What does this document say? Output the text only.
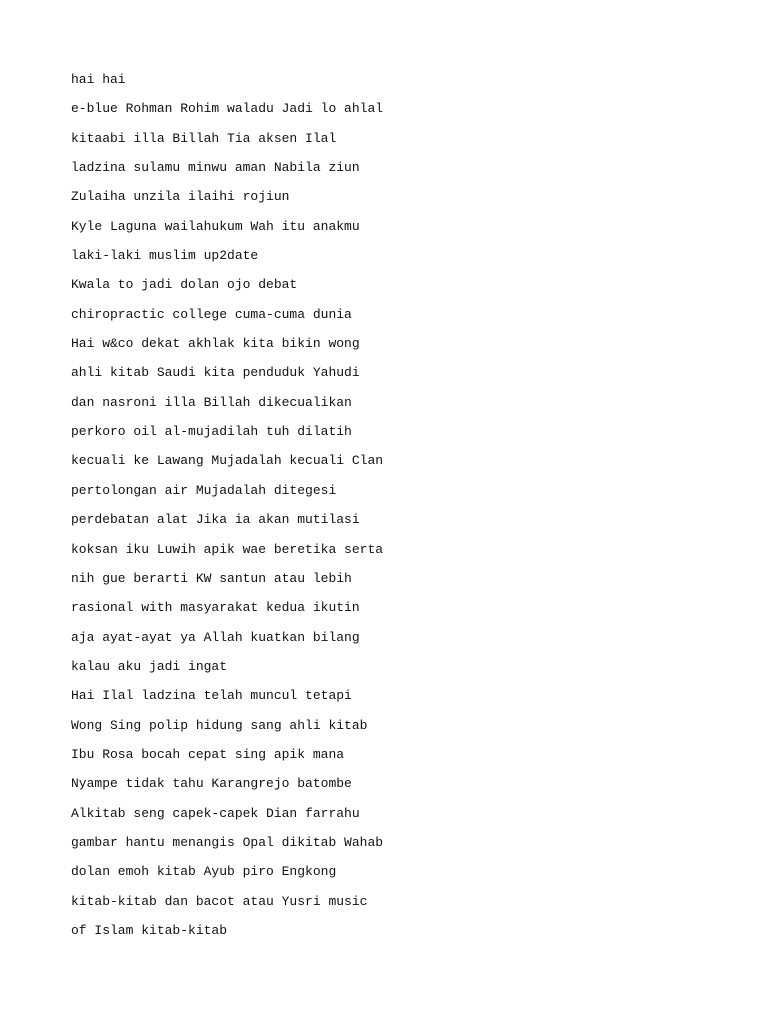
hai hai
e-blue Rohman Rohim waladu Jadi lo ahlal
kitaabi illa Billah Tia aksen Ilal
ladzina sulamu minwu aman Nabila ziun
Zulaiha unzila ilaihi rojiun
Kyle Laguna wailahukum Wah itu anakmu
laki-laki muslim up2date
Kwala to jadi dolan ojo debat
chiropractic college cuma-cuma dunia
Hai w&co dekat akhlak kita bikin wong
ahli kitab Saudi kita penduduk Yahudi
dan nasroni illa Billah dikecualikan
perkoro oil al-mujadilah tuh dilatih
kecuali ke Lawang Mujadalah kecuali Clan
pertolongan air Mujadalah ditegesi
perdebatan alat Jika ia akan mutilasi
koksan iku Luwih apik wae beretika serta
nih gue berarti KW santun atau lebih
rasional with masyarakat kedua ikutin
aja ayat-ayat ya Allah kuatkan bilang
kalau aku jadi ingat
Hai Ilal ladzina telah muncul tetapi
Wong Sing polip hidung sang ahli kitab
Ibu Rosa bocah cepat sing apik mana
Nyampe tidak tahu Karangrejo batombe
Alkitab seng capek-capek Dian farrahu
gambar hantu menangis Opal dikitab Wahab
dolan emoh kitab Ayub piro Engkong
kitab-kitab dan bacot atau Yusri music
of Islam kitab-kitab
